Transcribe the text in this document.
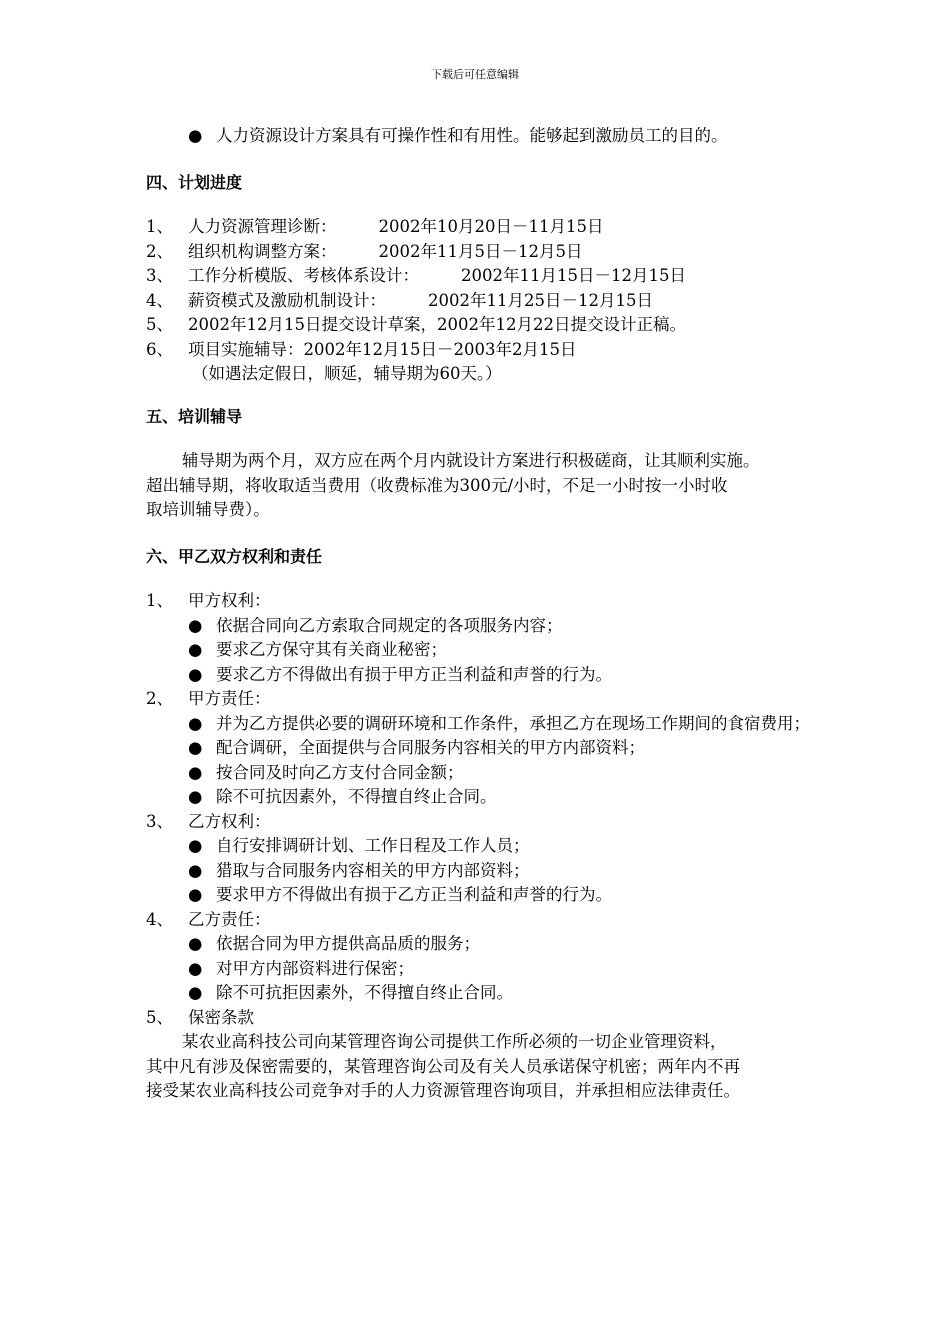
下载后可任意编辑
● 人力资源设计方案具有可操作性和有用性。能够起到激励员工的目的。
四、计划进度
1、 人力资源管理诊断：	2002年10月20日－11月15日
2、 组织机构调整方案：	2002年11月5日－12月5日
3、 工作分析模版、考核体系设计：	2002年11月15日－12月15日
4、 薪资模式及激励机制设计：	2002年11月25日－12月15日
5、 2002年12月15日提交设计草案，2002年12月22日提交设计正稿。
6、 项目实施辅导：2002年12月15日－2003年2月15日
（如遇法定假日，顺延，辅导期为60天。）
五、培训辅导
辅导期为两个月，双方应在两个月内就设计方案进行积极磋商，让其顺利实施。
超出辅导期，将收取适当费用（收费标准为300元/小时，不足一小时按一小时收
取培训辅导费）。
六、甲乙双方权利和责任
1、 甲方权利：
● 依据合同向乙方索取合同规定的各项服务内容；
● 要求乙方保守其有关商业秘密；
● 要求乙方不得做出有损于甲方正当利益和声誉的行为。
2、 甲方责任：
● 并为乙方提供必要的调研环境和工作条件，承担乙方在现场工作期间的食宿费用；
● 配合调研，全面提供与合同服务内容相关的甲方内部资料；
● 按合同及时向乙方支付合同金额；
● 除不可抗因素外，不得擅自终止合同。
3、 乙方权利：
● 自行安排调研计划、工作日程及工作人员；
● 猎取与合同服务内容相关的甲方内部资料；
● 要求甲方不得做出有损于乙方正当利益和声誉的行为。
4、 乙方责任：
● 依据合同为甲方提供高品质的服务；
● 对甲方内部资料进行保密；
● 除不可抗拒因素外，不得擅自终止合同。
5、 保密条款
某农业高科技公司向某管理咨询公司提供工作所必须的一切企业管理资料，
其中凡有涉及保密需要的，某管理咨询公司及有关人员承诺保守机密；两年内不再
接受某农业高科技公司竞争对手的人力资源管理咨询项目，并承担相应法律责任。
